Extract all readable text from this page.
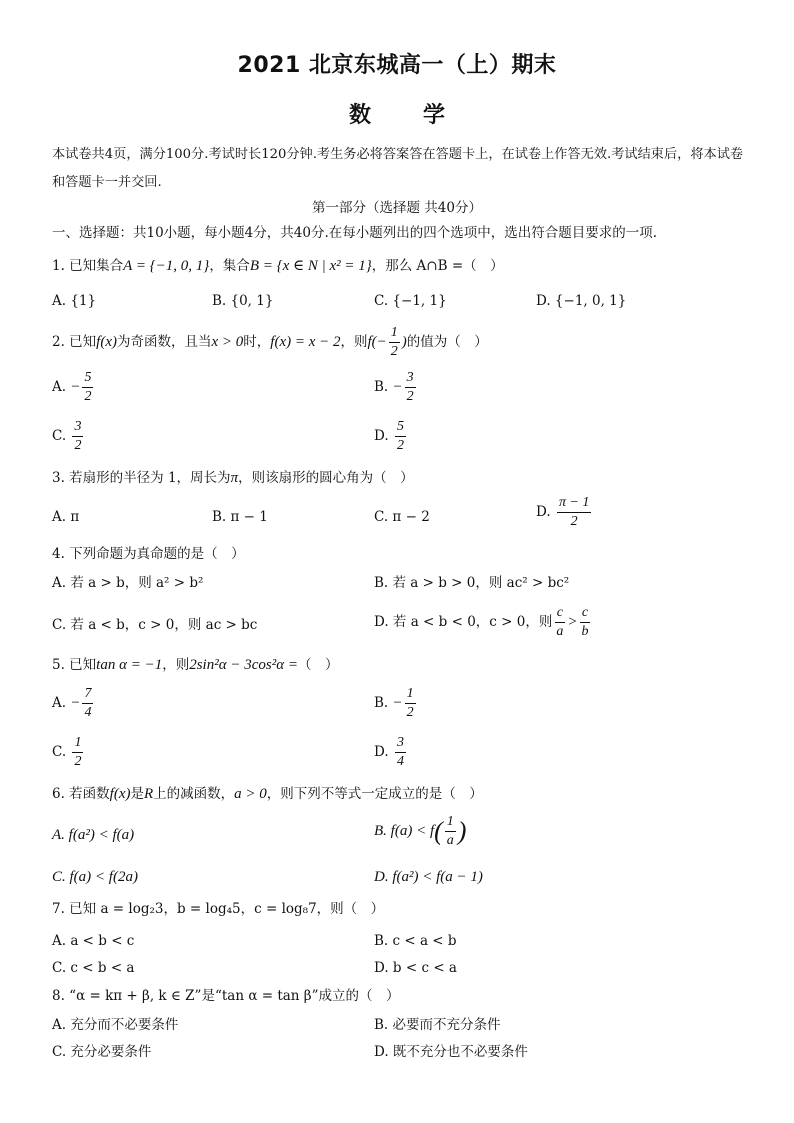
2021 北京东城高一（上）期末
数学
本试卷共4页，满分100分.考试时长120分钟.考生务必将答案答在答题卡上，在试卷上作答无效.考试结束后，将本试卷和答题卡一并交回.
第一部分（选择题 共40分）
一、选择题：共10小题，每小题4分，共40分.在每小题列出的四个选项中，选出符合题目要求的一项.
1. 已知集合A = {−1, 0, 1}，集合B = {x ∈ N | x² = 1}，那么 A∩B =（　）
A. {1}	B. {0, 1}	C. {−1, 1}	D. {−1, 0, 1}
2. 已知f(x)为奇函数，且当x > 0时，f(x) = x − 2，则$f(- \frac{1}{2}$ )的值为（　）
A. − $\frac{5}{2}$	B. − $\frac{3}{2}$
C. $\frac{3}{2}$	D. $\frac{5}{2}$
3. 若扇形的半径为 1，周长为π，则该扇形的圆心角为（　）
A. π	B. π − 1	C. π − 2	D. $\frac{\pi - 1}{2}$
4. 下列命题为真命题的是（　）
A. 若 a > b，则 a² > b²	B. 若 a > b > 0，则 ac² > bc²
C. 若 a < b，c > 0，则 ac > bc	D. 若 a < b < 0，c > 0，则 $\frac{c}{a} > \frac{c}{b}$
5. 已知tan α = −1，则2sin²α − 3cos²α =（　）
A. − $\frac{7}{4}$	B. − $\frac{1}{2}$
C. $\frac{1}{2}$	D. $\frac{3}{4}$
6. 若函数f(x)是R上的减函数，a > 0，则下列不等式一定成立的是（　）
A. f(a²) < f(a)	B. $f(a) < f( \frac{1}{a}$ )
C. f(a) < f(2a)	D. f(a²) < f(a − 1)
7. 已知 a = log₂3，b = log₄5，c = log₈7，则（　）
A. a < b < c	B. c < a < b
C. c < b < a	D. b < c < a
8. “α = kπ + β, k ∈ Z”是“tan α = tan β”成立的（　）
A. 充分而不必要条件	B. 必要而不充分条件
C. 充分必要条件	D. 既不充分也不必要条件
